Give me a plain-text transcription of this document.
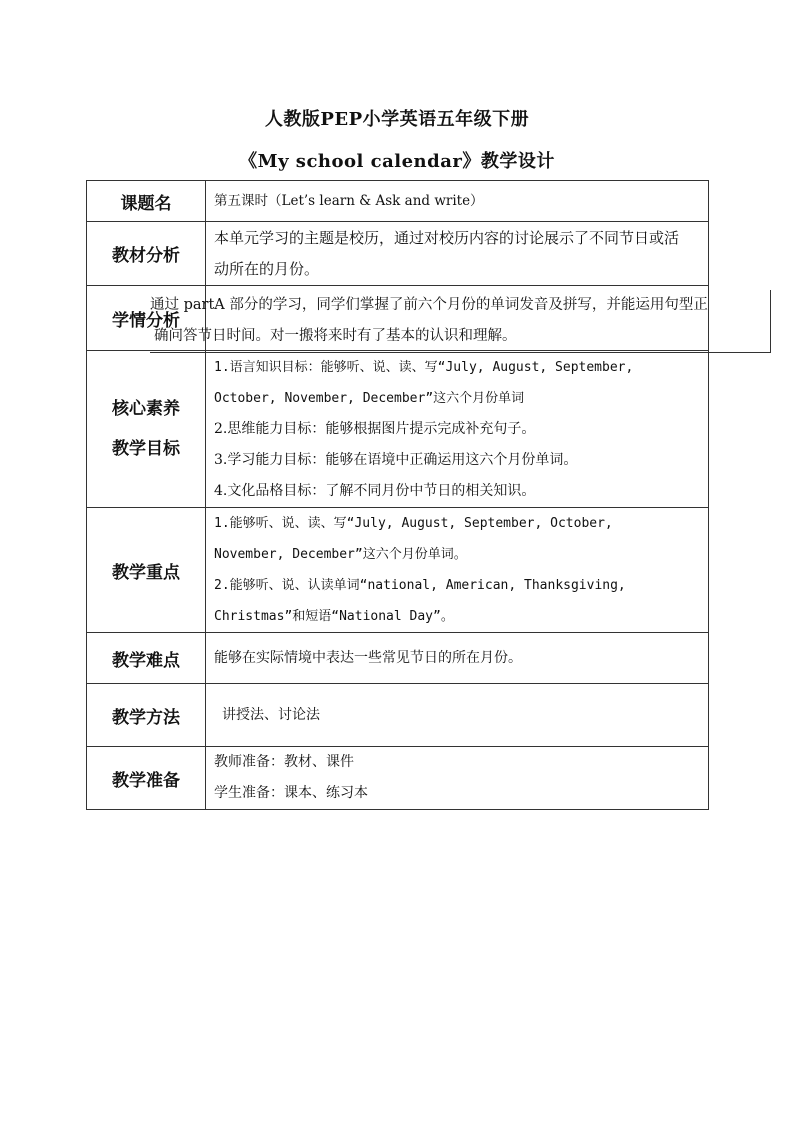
人教版PEP小学英语五年级下册
《My school calendar》教学设计
课题名	第五课时（Let’s learn & Ask and write）
教材分析	本单元学习的主题是校历，通过对校历内容的讨论展示了不同节日或活
动所在的月份。

学情分析	通过 partA 部分的学习，同学们掌握了前六个月份的单词发音及拼写，并能运用句型正
确问答节日时间。对一搬将来时有了基本的认识和理解。

核心素养
教学目标	1.语言知识目标：能够听、说、读、写“July, August, September,
October, November, December”这六个月份单词
2.思维能力目标：能够根据图片提示完成补充句子。
3.学习能力目标：能够在语境中正确运用这六个月份单词。
4.文化品格目标：了解不同月份中节日的相关知识。

教学重点	1.能够听、说、读、写“July, August, September, October,
November, December”这六个月份单词。
2.能够听、说、认读单词“national, American, Thanksgiving,
Christmas”和短语“National Day”。

教学难点	能够在实际情境中表达一些常见节日的所在月份。
教学方法	讲授法、讨论法
教学准备	教师准备：教材、课件
学生准备：课本、练习本
